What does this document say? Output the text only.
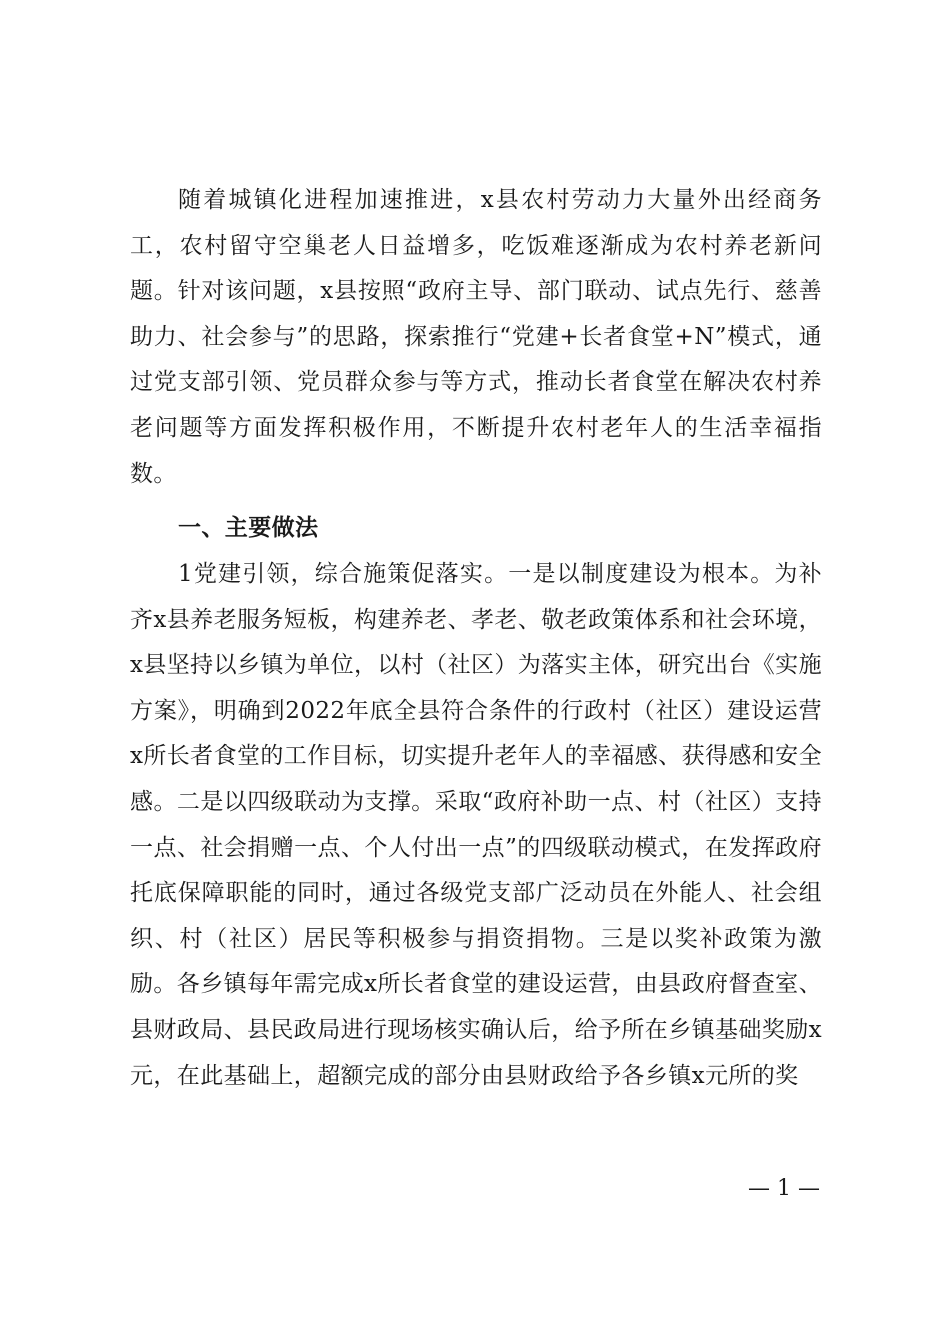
随着城镇化进程加速推进，x县农村劳动力大量外出经商务工，农村留守空巢老人日益增多，吃饭难逐渐成为农村养老新问题。针对该问题，x县按照“政府主导、部门联动、试点先行、慈善助力、社会参与”的思路，探索推行“党建+长者食堂+N”模式，通过党支部引领、党员群众参与等方式，推动长者食堂在解决农村养老问题等方面发挥积极作用，不断提升农村老年人的生活幸福指数。

一、主要做法

1党建引领，综合施策促落实。一是以制度建设为根本。为补齐x县养老服务短板，构建养老、孝老、敬老政策体系和社会环境，x县坚持以乡镇为单位，以村（社区）为落实主体，研究出台《实施方案》，明确到2022年底全县符合条件的行政村（社区）建设运营x所长者食堂的工作目标，切实提升老年人的幸福感、获得感和安全感。二是以四级联动为支撑。采取“政府补助一点、村（社区）支持一点、社会捐赠一点、个人付出一点”的四级联动模式，在发挥政府托底保障职能的同时，通过各级党支部广泛动员在外能人、社会组织、村（社区）居民等积极参与捐资捐物。三是以奖补政策为激励。各乡镇每年需完成x所长者食堂的建设运营，由县政府督查室、县财政局、县民政局进行现场核实确认后，给予所在乡镇基础奖励x元，在此基础上，超额完成的部分由县财政给予各乡镇x元所的奖

— 1 —
